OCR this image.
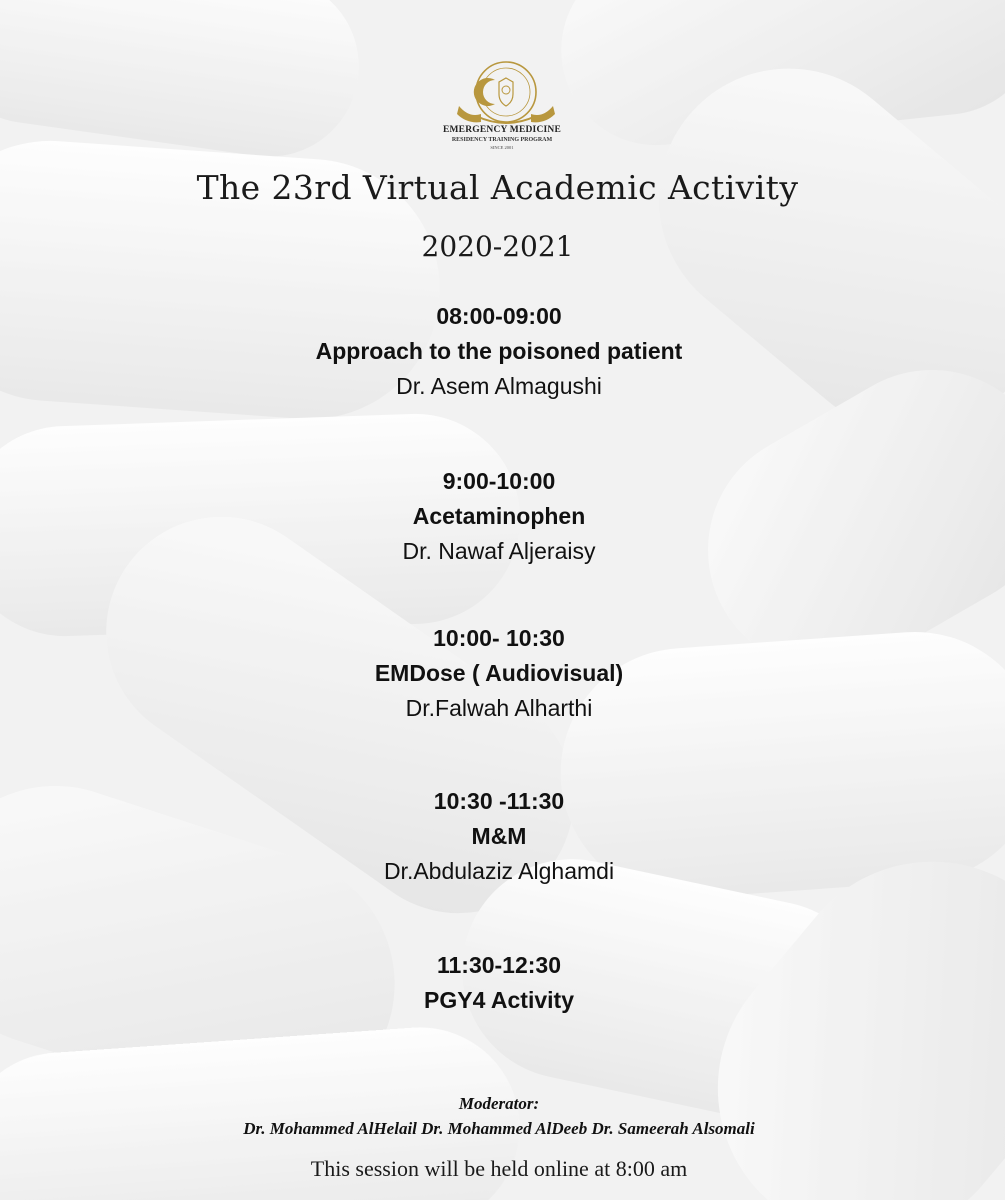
EMERGENCY MEDICINE
RESIDENCY TRAINING PROGRAM
SINCE 2001
The 23rd Virtual Academic Activity
2020-2021
08:00-09:00
Approach to the poisoned patient
Dr. Asem Almagushi
9:00-10:00
Acetaminophen
Dr. Nawaf Aljeraisy
10:00- 10:30
EMDose ( Audiovisual)
Dr.Falwah Alharthi
10:30 -11:30
M&M
Dr.Abdulaziz Alghamdi
11:30-12:30
PGY4 Activity
Moderator:
Dr. Mohammed AlHelail Dr. Mohammed AlDeeb Dr. Sameerah Alsomali
This session will be held online at 8:00 am
